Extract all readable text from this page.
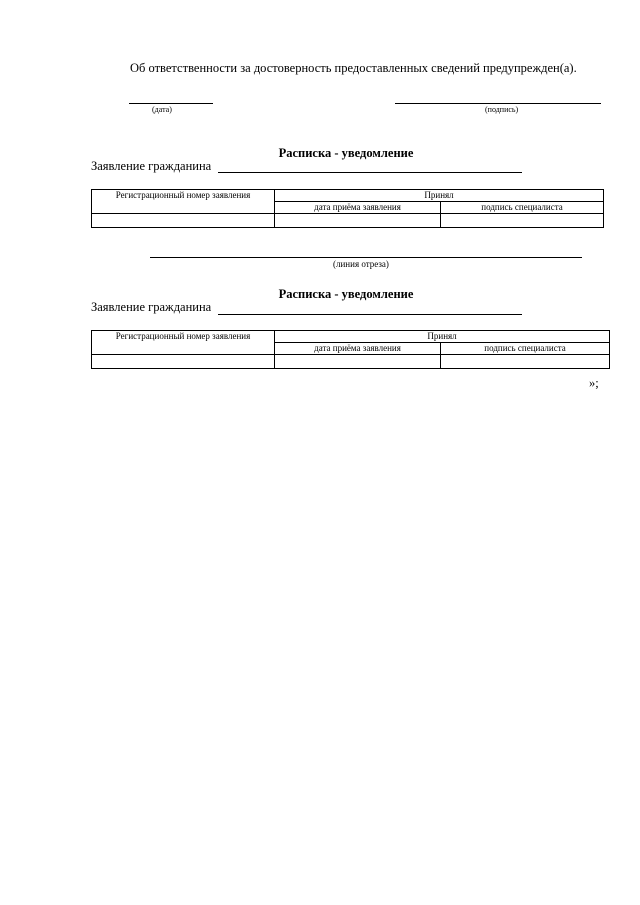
Об ответственности за достоверность предоставленных сведений предупрежден(а).
(дата)	(подпись)
Расписка - уведомление
Заявление гражданина
Регистрационный номер заявления	Принял	
	дата приёма заявления	подпись специалиста

(линия отреза)
Расписка - уведомление
Заявление гражданина
Регистрационный номер заявления	Принял	
	дата приёма заявления	подпись специалиста

»;
